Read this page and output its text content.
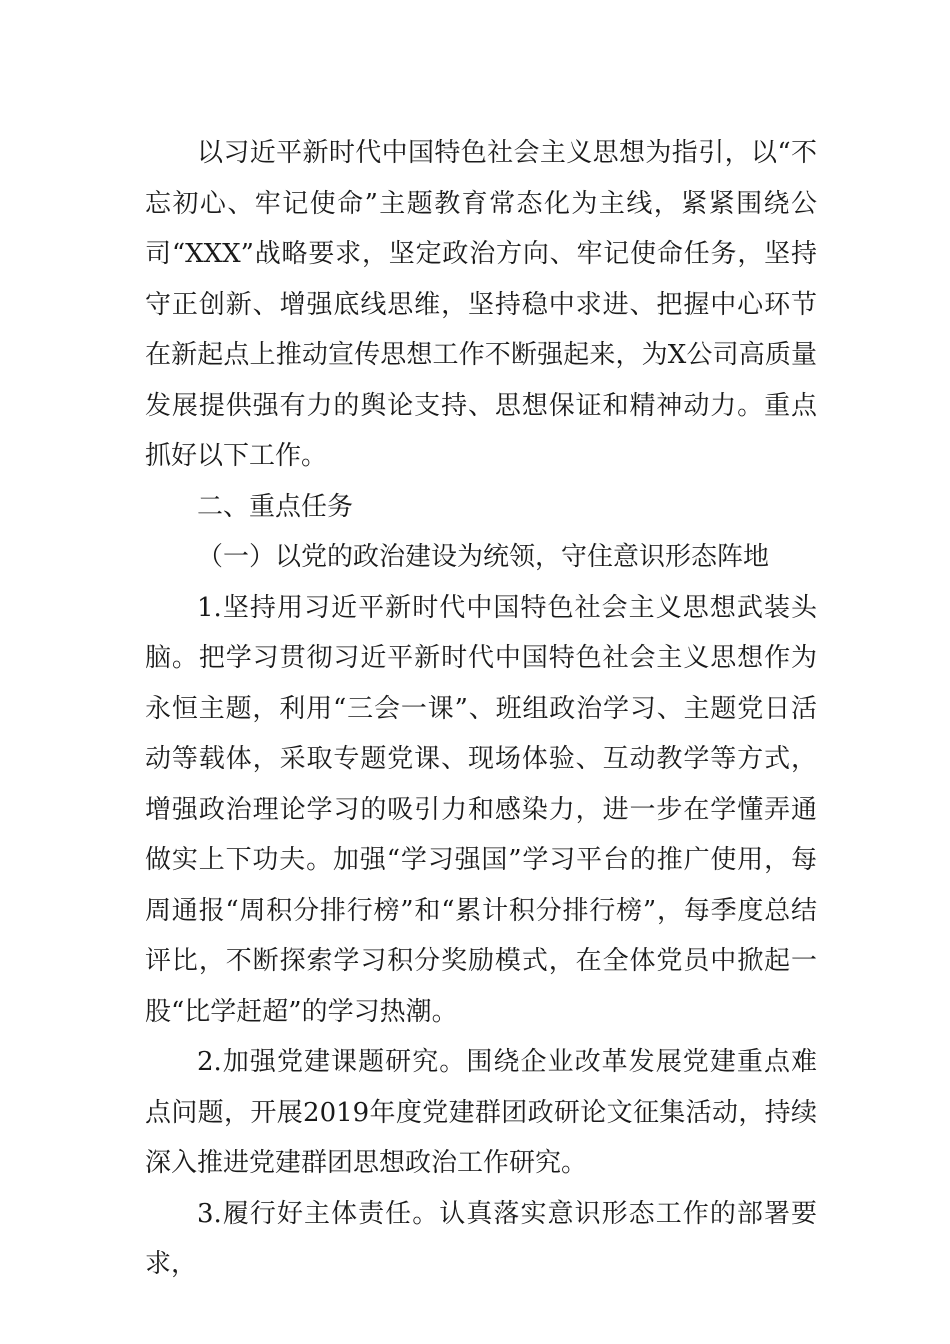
以习近平新时代中国特色社会主义思想为指引，以“不忘初心、牢记使命”主题教育常态化为主线，紧紧围绕公司“XXX”战略要求，坚定政治方向、牢记使命任务，坚持守正创新、增强底线思维，坚持稳中求进、把握中心环节在新起点上推动宣传思想工作不断强起来，为X公司高质量发展提供强有力的舆论支持、思想保证和精神动力。重点抓好以下工作。

二、重点任务

（一）以党的政治建设为统领，守住意识形态阵地

1.坚持用习近平新时代中国特色社会主义思想武装头脑。把学习贯彻习近平新时代中国特色社会主义思想作为永恒主题，利用“三会一课”、班组政治学习、主题党日活动等载体，采取专题党课、现场体验、互动教学等方式，增强政治理论学习的吸引力和感染力，进一步在学懂弄通做实上下功夫。加强“学习强国”学习平台的推广使用，每周通报“周积分排行榜”和“累计积分排行榜”，每季度总结评比，不断探索学习积分奖励模式，在全体党员中掀起一股“比学赶超”的学习热潮。

2.加强党建课题研究。围绕企业改革发展党建重点难点问题，开展2019年度党建群团政研论文征集活动，持续深入推进党建群团思想政治工作研究。

3.履行好主体责任。认真落实意识形态工作的部署要求，
